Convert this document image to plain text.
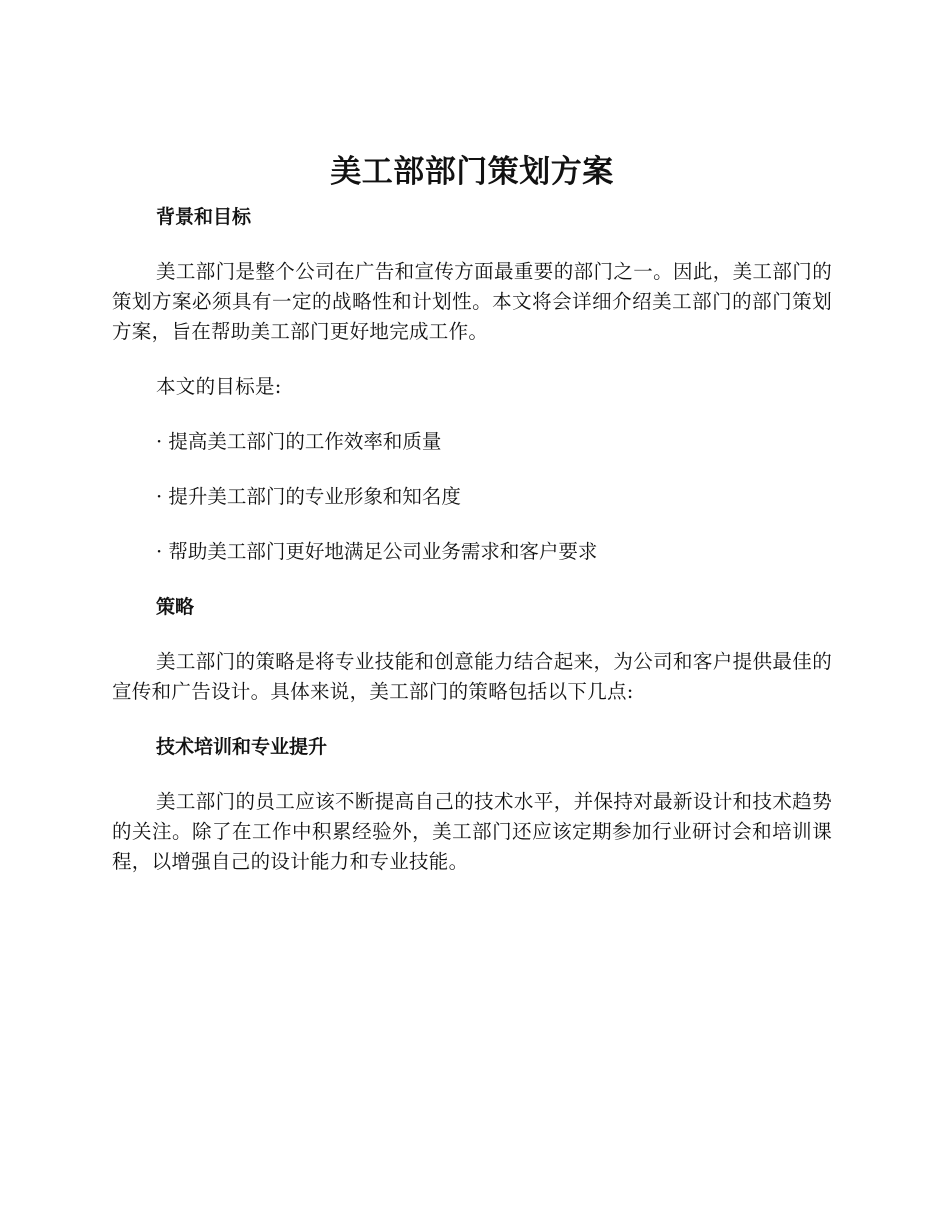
美工部部门策划方案
背景和目标

美工部门是整个公司在广告和宣传方面最重要的部门之一。因此，美工部门的策划方案必须具有一定的战略性和计划性。本文将会详细介绍美工部门的部门策划方案，旨在帮助美工部门更好地完成工作。

本文的目标是:

· 提高美工部门的工作效率和质量

· 提升美工部门的专业形象和知名度

· 帮助美工部门更好地满足公司业务需求和客户要求

策略

美工部门的策略是将专业技能和创意能力结合起来，为公司和客户提供最佳的宣传和广告设计。具体来说，美工部门的策略包括以下几点:

技术培训和专业提升

美工部门的员工应该不断提高自己的技术水平，并保持对最新设计和技术趋势的关注。除了在工作中积累经验外，美工部门还应该定期参加行业研讨会和培训课程，以增强自己的设计能力和专业技能。
